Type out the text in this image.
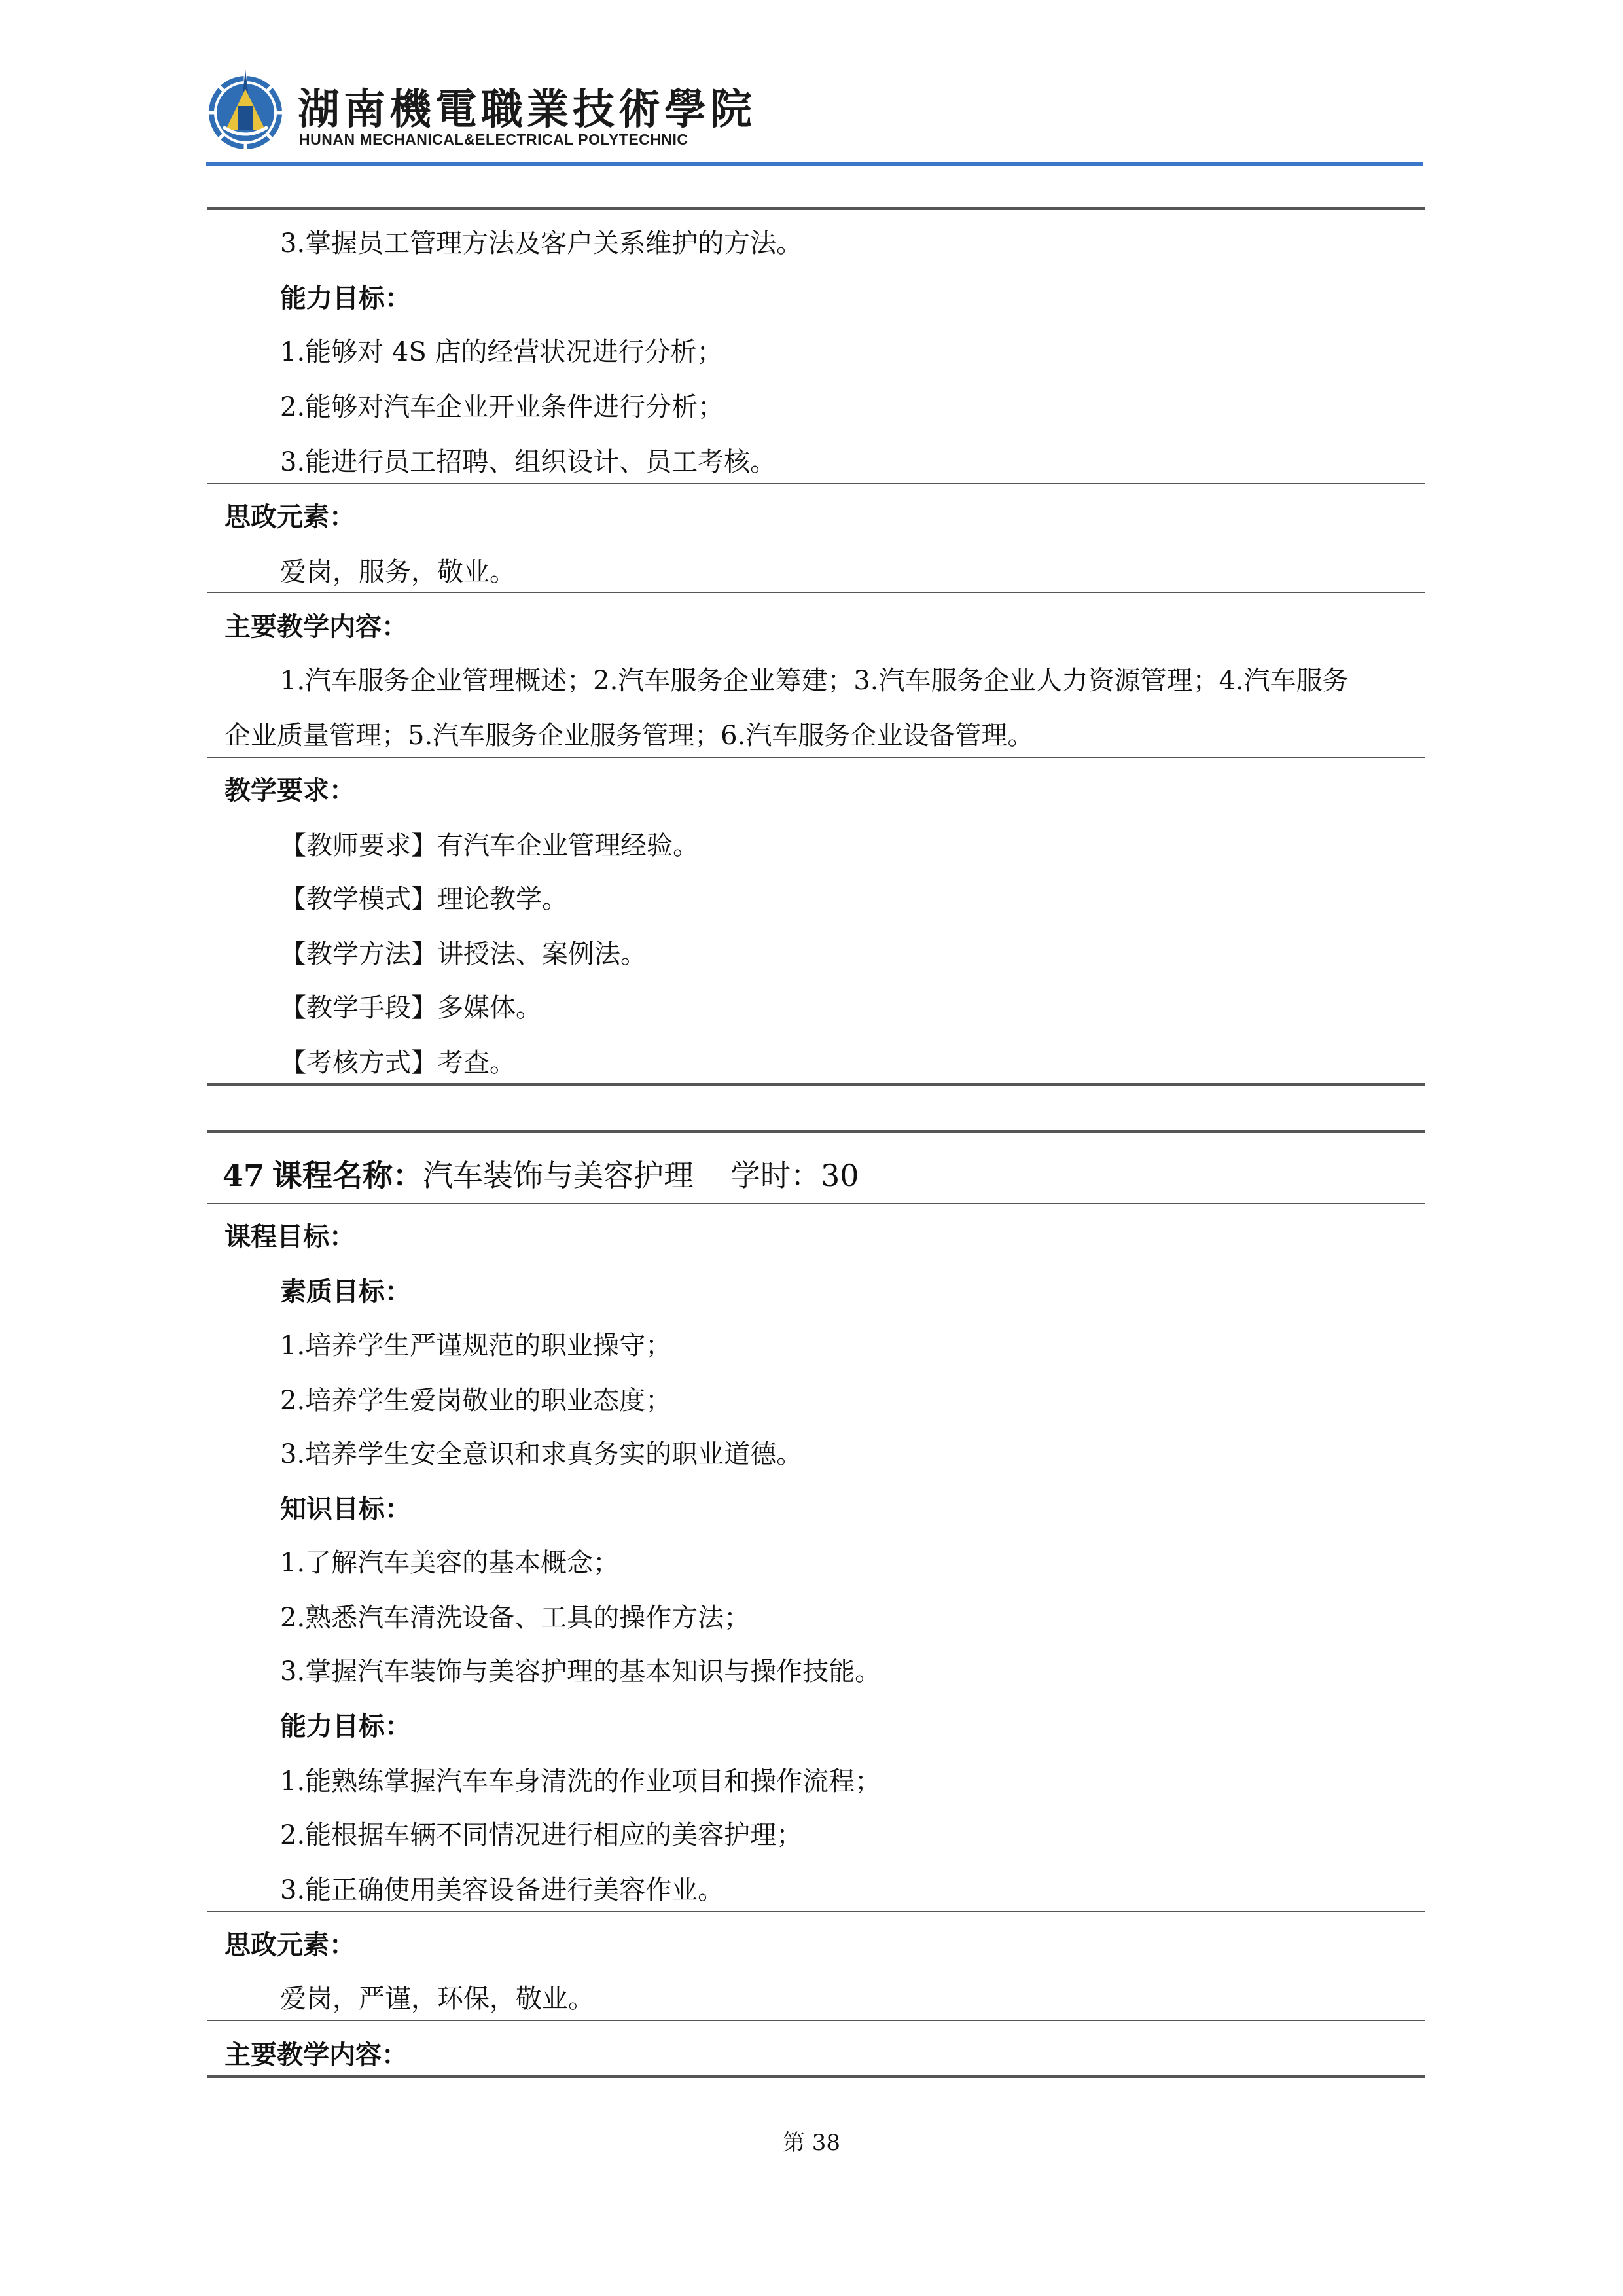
湖南機電職業技術學院
HUNAN MECHANICAL&ELECTRICAL POLYTECHNIC
3.掌握员工管理方法及客户关系维护的方法。
能力目标：
1.能够对 4S 店的经营状况进行分析；
2.能够对汽车企业开业条件进行分析；
3.能进行员工招聘、组织设计、员工考核。
思政元素：
爱岗，服务，敬业。
主要教学内容：
1.汽车服务企业管理概述；2.汽车服务企业筹建；3.汽车服务企业人力资源管理；4.汽车服务
企业质量管理；5.汽车服务企业服务管理；6.汽车服务企业设备管理。
教学要求：
【教师要求】有汽车企业管理经验。
【教学模式】理论教学。
【教学方法】讲授法、案例法。
【教学手段】多媒体。
【考核方式】考查。
47 课程名称：汽车装饰与美容护理 学时：30
课程目标：
素质目标：
1.培养学生严谨规范的职业操守；
2.培养学生爱岗敬业的职业态度；
3.培养学生安全意识和求真务实的职业道德。
知识目标：
1.了解汽车美容的基本概念；
2.熟悉汽车清洗设备、工具的操作方法；
3.掌握汽车装饰与美容护理的基本知识与操作技能。
能力目标：
1.能熟练掌握汽车车身清洗的作业项目和操作流程；
2.能根据车辆不同情况进行相应的美容护理；
3.能正确使用美容设备进行美容作业。
思政元素：
爱岗，严谨，环保，敬业。
主要教学内容：
第 38
